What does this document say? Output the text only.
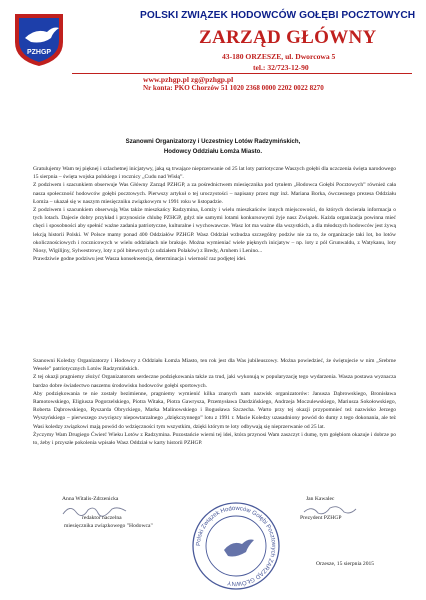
PZHGP
POLSKI ZWIĄZEK HODOWCÓW GOŁĘBI POCZTOWYCH
ZARZĄD GŁÓWNY
43-180 ORZESZE, ul. Dworcowa 5
tel.: 32/723-12-90
www.pzhgp.pl zg@pzhgp.pl
Nr konta: PKO Chorzów 51 1020 2368 0000 2202 0022 8270
Szanowni Organizatorzy i Uczestnicy Lotów Radzymińskich,
Hodowcy Oddziału Łomża Miasto.

Gratulujemy Wam tej pięknej i szlachetnej inicjatywy, jaką są trwające nieprzerwanie od 25 lat loty patriotyczne Waszych gołębi dla uczczenia święta narodowego 15 sierpnia – święta wojska polskiego i rocznicy „Cudu nad Wisłą”.

Z podziwem i szacunkiem obserwuje Was Główny Zarząd PZHGP, a za pośrednictwem miesięcznika pod tytułem „Hodowca Gołębi Pocztowych” również cała nasza społeczność hodowców gołębi pocztowych. Pierwszy artykuł o tej uroczystości – napisany przez mgr inż. Mariana Borka, ówczesnego prezesa Oddziału Łomża – ukazał się w naszym miesięczniku związkowym w 1991 roku w listopadzie.

Z podziwem i szacunkiem obserwują Was także mieszkańcy Radzymina, Łomży i wielu mieszkańców innych miejscowości, do których docierała informacja o tych lotach. Dajecie dobry przykład i przynosicie chlubę PZHGP, gdyż nie samymi lotami konkursowymi żyje nasz Związek. Każda organizacja powinna mieć chęci i sposobności aby spełnić ważne zadania patriotyczne, kulturalne i wychowawcze. Wasz lot ma ważne dla wszystkich, a dla młodszych hodowców jest żywą lekcją historii Polski. W Polsce mamy ponad 400 Oddziałów PZHGP. Wasz Oddział wzbudza szczególny podziw nie za to, że organizacje taki lot, bo lotów okolicznościowych i rocznicowych w wielu oddziałach nie brakuje. Można wymieniać wiele pięknych inicjatyw – np. loty z pól Grunwaldu, z Watykanu, loty Niosy, Wigilijny, Sylwestrowy, loty z pól bitewnych (z udziałem Polaków) z Bredy, Arnhem i Lenino...

Prawdziwie godne podziwu jest Wasza konsekwencja, determinacja i wierność raz podjętej idei.

Szanowni Koledzy Organizatorzy i Hodowcy z Oddziału Łomża Miasto, ten rok jest dla Was jubileuszowy. Można powiedzieć, że świętujecie w nim „Srebrne Wesele” patriotycznych Lotów Radzymińskich.

Z tej okazji pragniemy złożyć Organizatorom serdeczne podziękowania także za trud, jaki wykonują w popularyzację tego wydarzenia. Wasza postawa wyznacza bardzo dobre świadectwo naszemu środowisku hodowców gołębi sportowych.

Aby podziękowania te nie zostały bezimienne, pragniemy wymienić kilka znanych nam nazwisk organizatorów: Janusza Dąbrowskiego, Bronisława Ramotowskiego, Eligiusza Pogorzelskiego, Piotra Witaka, Piotra Gawrysza, Przemysława Dardzińskiego, Andrzeja Moczulewskiego, Mariusza Sokołowskiego, Roberta Dąbrowskiego, Ryszarda Obryckiego, Marka Malinowskiego i Bogusława Szczecha. Warto przy tej okazji przypomnieć też nazwisko Jerzego Wyszyńskiego – pierwszego zwycięzcy niepowtarzalnego „dziękczynnego” lotu z 1991 r. Macie Koledzy uzasadniony powód do dumy z tego dokonania, ale też Wasi koledzy związkowi mają powód do wdzięczności tym wszystkim, dzięki którym te loty odbywają się nieprzerwanie od 25 lat.

Życzymy Wam Drugiego Ćwierć Wieku Lotów z Radzymina. Pozostańcie wierni tej idei, która przynosi Wam zaszczyt i dumę, tym gołębiom okazuje i dobrze po to, żeby i przyszłe pokolenia wpisało Wasz Oddział w karty historii PZHGP.

Anna Witalis-Zdrzenicka
redaktor naczelna
miesięcznika związkowego "Hodowca"
Jan Kawalec
Prezydent PZHGP
Polski Związek Hodowców Gołębi Pocztowych ZARZĄD GŁÓWNY
Orzesze, 15 sierpnia 2015
